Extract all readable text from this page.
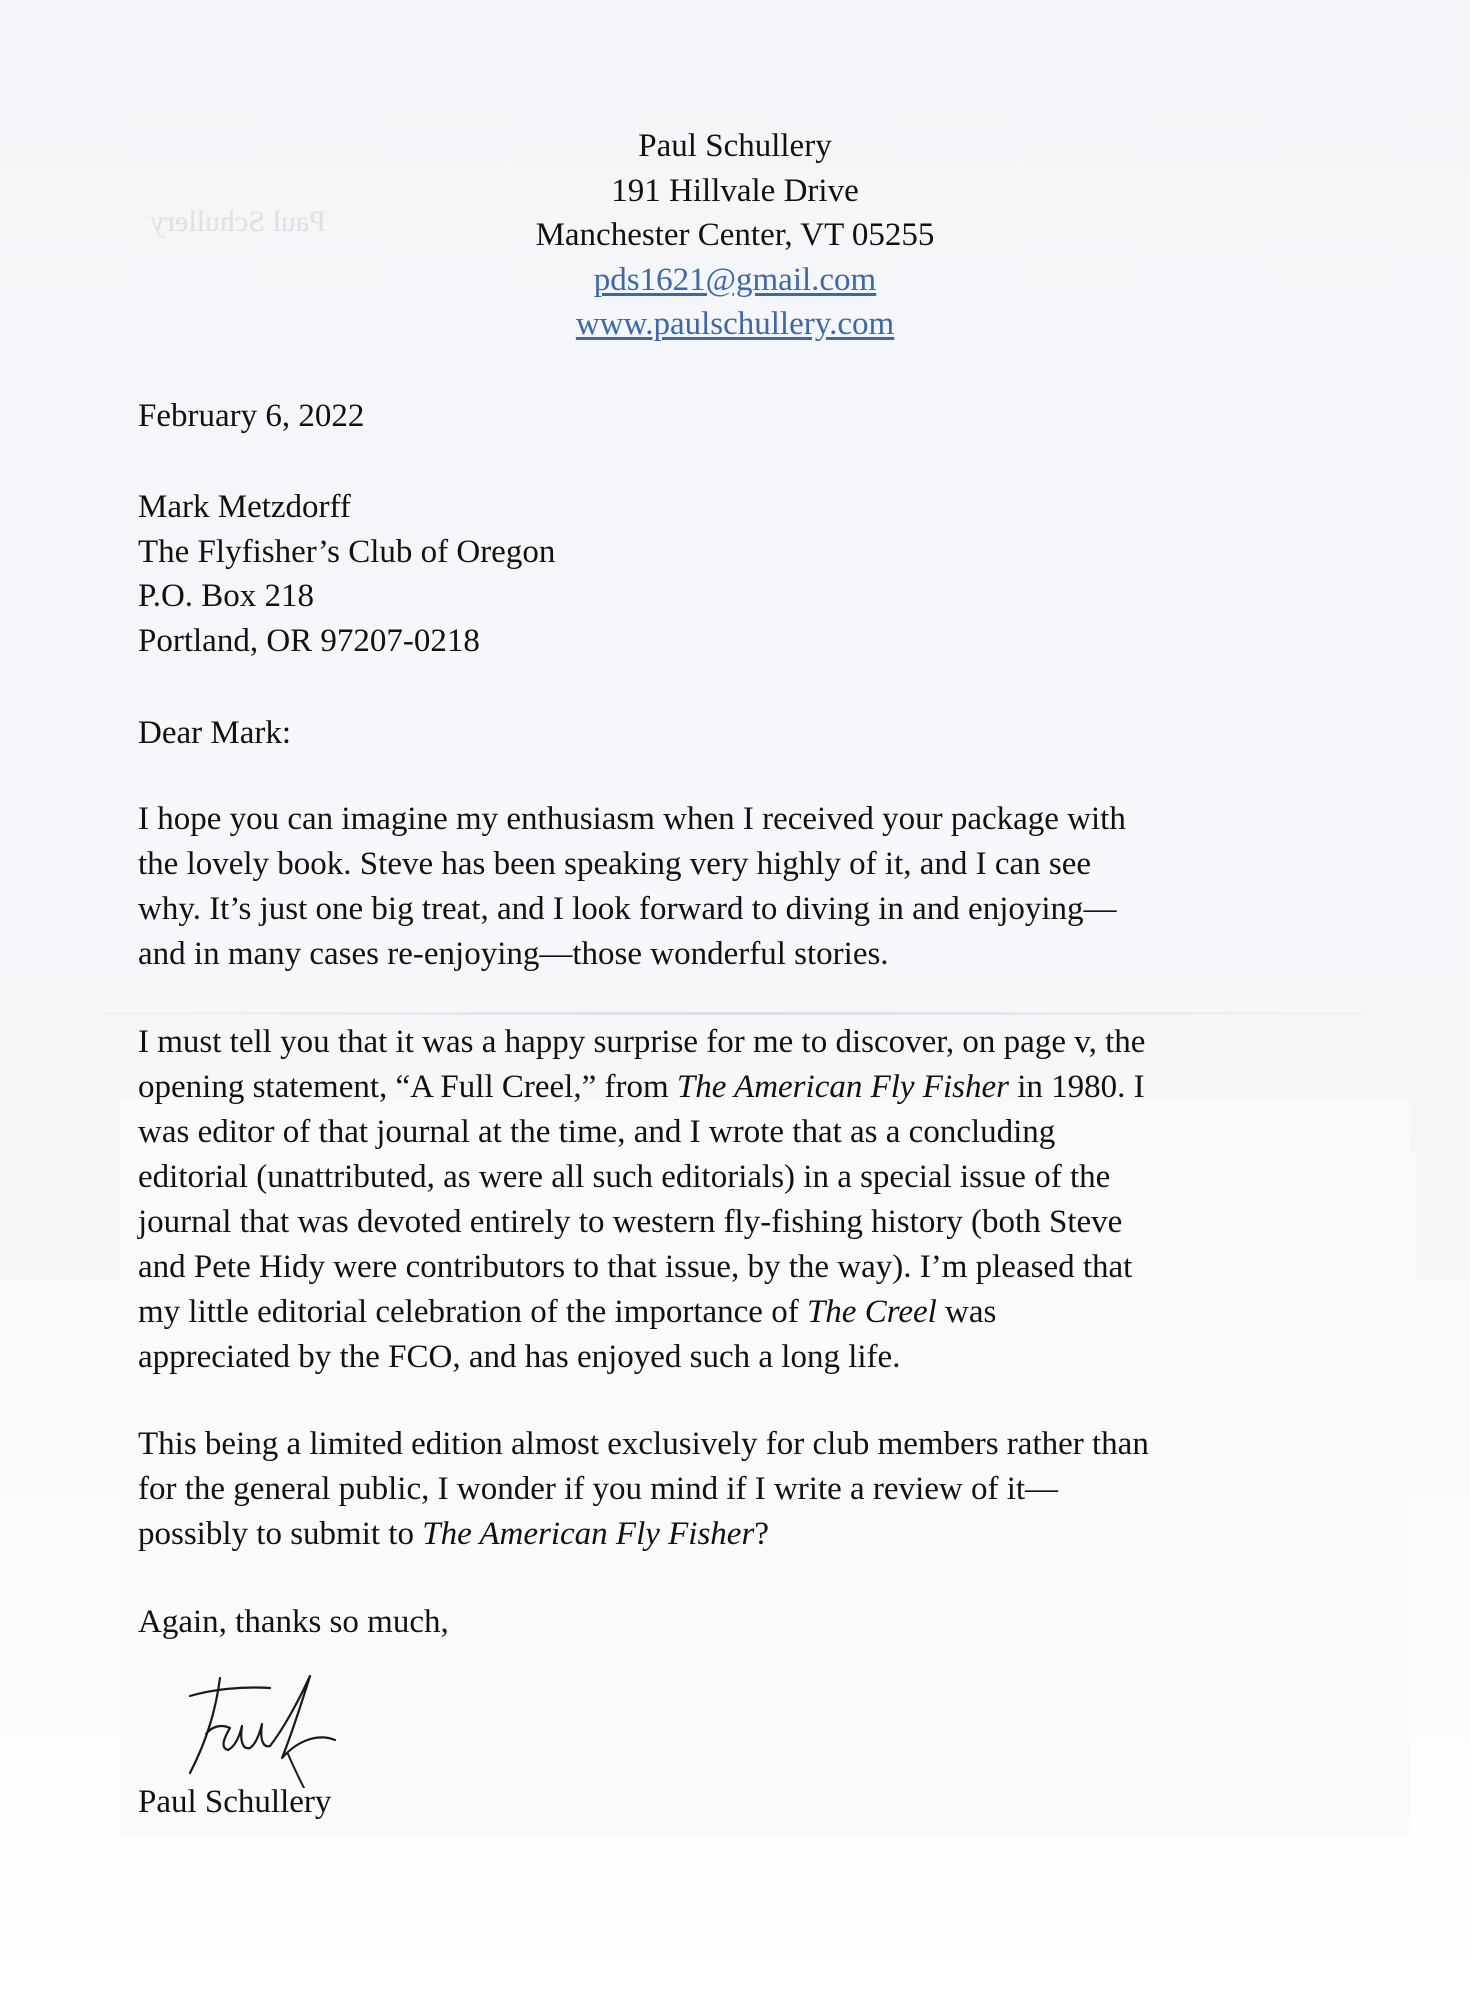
Paul Schullery
Paul Schullery
191 Hillvale Drive
Manchester Center, VT 05255
pds1621@gmail.com
www.paulschullery.com
February 6, 2022
Mark Metzdorff
The Flyfisher’s Club of Oregon
P.O. Box 218
Portland, OR 97207-0218
Dear Mark:
I hope you can imagine my enthusiasm when I received your package with
the lovely book. Steve has been speaking very highly of it, and I can see
why. It’s just one big treat, and I look forward to diving in and enjoying—
and in many cases re-enjoying—those wonderful stories.
I must tell you that it was a happy surprise for me to discover, on page v, the
opening statement, “A Full Creel,” from The American Fly Fisher in 1980. I
was editor of that journal at the time, and I wrote that as a concluding
editorial (unattributed, as were all such editorials) in a special issue of the
journal that was devoted entirely to western fly-fishing history (both Steve
and Pete Hidy were contributors to that issue, by the way). I’m pleased that
my little editorial celebration of the importance of The Creel was
appreciated by the FCO, and has enjoyed such a long life.
This being a limited edition almost exclusively for club members rather than
for the general public, I wonder if you mind if I write a review of it—
possibly to submit to The American Fly Fisher?
Again, thanks so much,
Paul Schullery
